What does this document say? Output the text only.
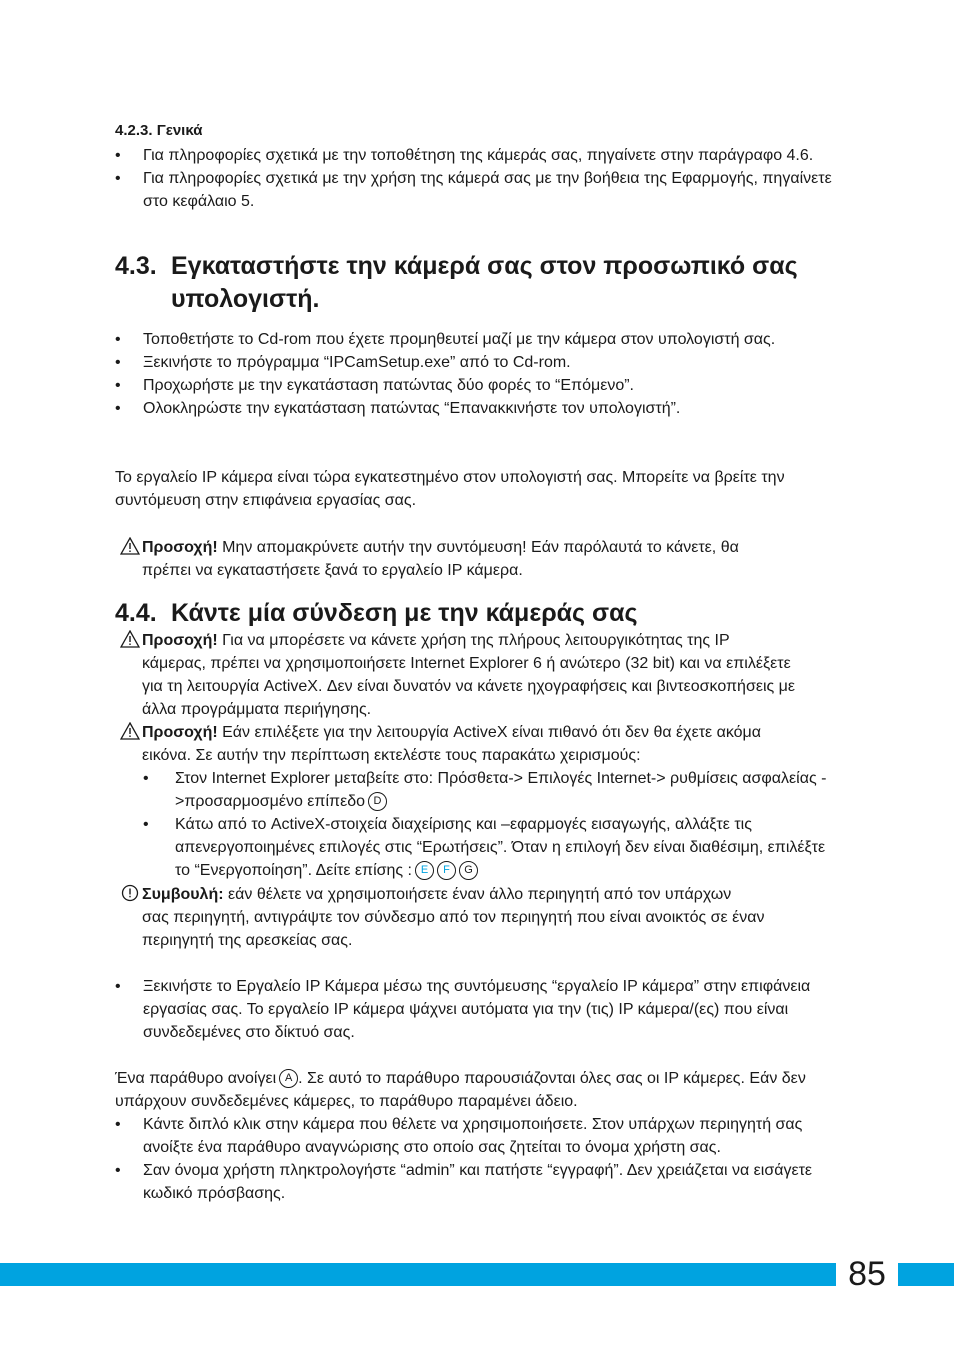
4.2.3. Γενικά
• Για πληροφορίες σχετικά με την τοποθέτηση της κάμεράς σας, πηγαίνετε στην παράγραφο 4.6.
• Για πληροφορίες σχετικά με την χρήση της κάμερά σας με την βοήθεια της Εφαρμογής, πηγαίνετε στο κεφάλαιο 5.
4.3. Εγκαταστήστε την κάμερά σας στον προσωπικό σας
υπολογιστή.
• Τοποθετήστε το Cd-rom που έχετε προμηθευτεί μαζί με την κάμερα στον υπολογιστή σας.
• Ξεκινήστε το πρόγραμμα “IPCamSetup.exe” από το Cd-rom.
• Προχωρήστε με την εγκατάσταση πατώντας δύο φορές το “Επόμενο”.
• Ολοκληρώστε την εγκατάσταση πατώντας “Επανακκινήστε τον υπολογιστή”.

Το εργαλείο IP κάμερα είναι τώρα εγκατεστημένο στον υπολογιστή σας. Μπορείτε να βρείτε την συντόμευση στην επιφάνεια εργασίας σας.

Προσοχή! Μην απομακρύνετε αυτήν την συντόμευση! Εάν παρόλαυτά το κάνετε, θα
πρέπει να εγκαταστήσετε ξανά το εργαλείο IP κάμερα.
4.4. Κάντε μία σύνδεση με την κάμεράς σας
Προσοχή! Για να μπορέσετε να κάνετε χρήση της πλήρους λειτουργικότητας της IP
κάμερας, πρέπει να χρησιμοποιήσετε Internet Explorer 6 ή ανώτερο (32 bit) και να επιλέξετε για τη λειτουργία ActiveX. Δεν είναι δυνατόν να κάνετε ηχογραφήσεις και βιντεοσκοπήσεις με άλλα προγράμματα περιήγησης.
Προσοχή! Εάν επιλέξετε για την λειτουργία ActiveX είναι πιθανό ότι δεν θα έχετε ακόμα
εικόνα. Σε αυτήν την περίπτωση εκτελέστε τους παρακάτω χειρισμούς:
• Στον Internet Explorer μεταβείτε στο: Πρόσθετα-> Επιλογές Internet-> ρυθμίσεις ασφαλείας ->προσαρμοσμένο επίπεδο D
• Κάτω από το ActiveX-στοιχεία διαχείρισης και –εφαρμογές εισαγωγής, αλλάξτε τις απενεργοποιημένες επιλογές στις “Ερωτήσεις”. Όταν η επιλογή δεν είναι διαθέσιμη, επιλέξτε το “Ενεργοποίηση”. Δείτε επίσης : E F G
Συμβουλή: εάν θέλετε να χρησιμοποιήσετε έναν άλλο περιηγητή από τον υπάρχων
σας περιηγητή, αντιγράψτε τον σύνδεσμο από τον περιηγητή που είναι ανοικτός σε έναν περιηγητή της αρεσκείας σας.
• Ξεκινήστε το Εργαλείο IP Κάμερα μέσω της συντόμευσης “εργαλείο IP κάμερα” στην επιφάνεια εργασίας σας. Το εργαλείο IP κάμερα ψάχνει αυτόματα για την (τις) IP κάμερα/(ες) που είναι συνδεδεμένες στο δίκτυό σας.

Ένα παράθυρο ανοίγει A . Σε αυτό το παράθυρο παρουσιάζονται όλες σας οι IP κάμερες. Εάν δεν υπάρχουν συνδεδεμένες κάμερες, το παράθυρο παραμένει άδειο.

• Κάντε διπλό κλικ στην κάμερα που θέλετε να χρησιμοποιήσετε. Στον υπάρχων περιηγητή σας ανοίξτε ένα παράθυρο αναγνώρισης στο οποίο σας ζητείται το όνομα χρήστη σας.
• Σαν όνομα χρήστη πληκτρολογήστε “admin” και πατήστε “εγγραφή”. Δεν χρειάζεται να εισάγετε κωδικό πρόσβασης.
85
